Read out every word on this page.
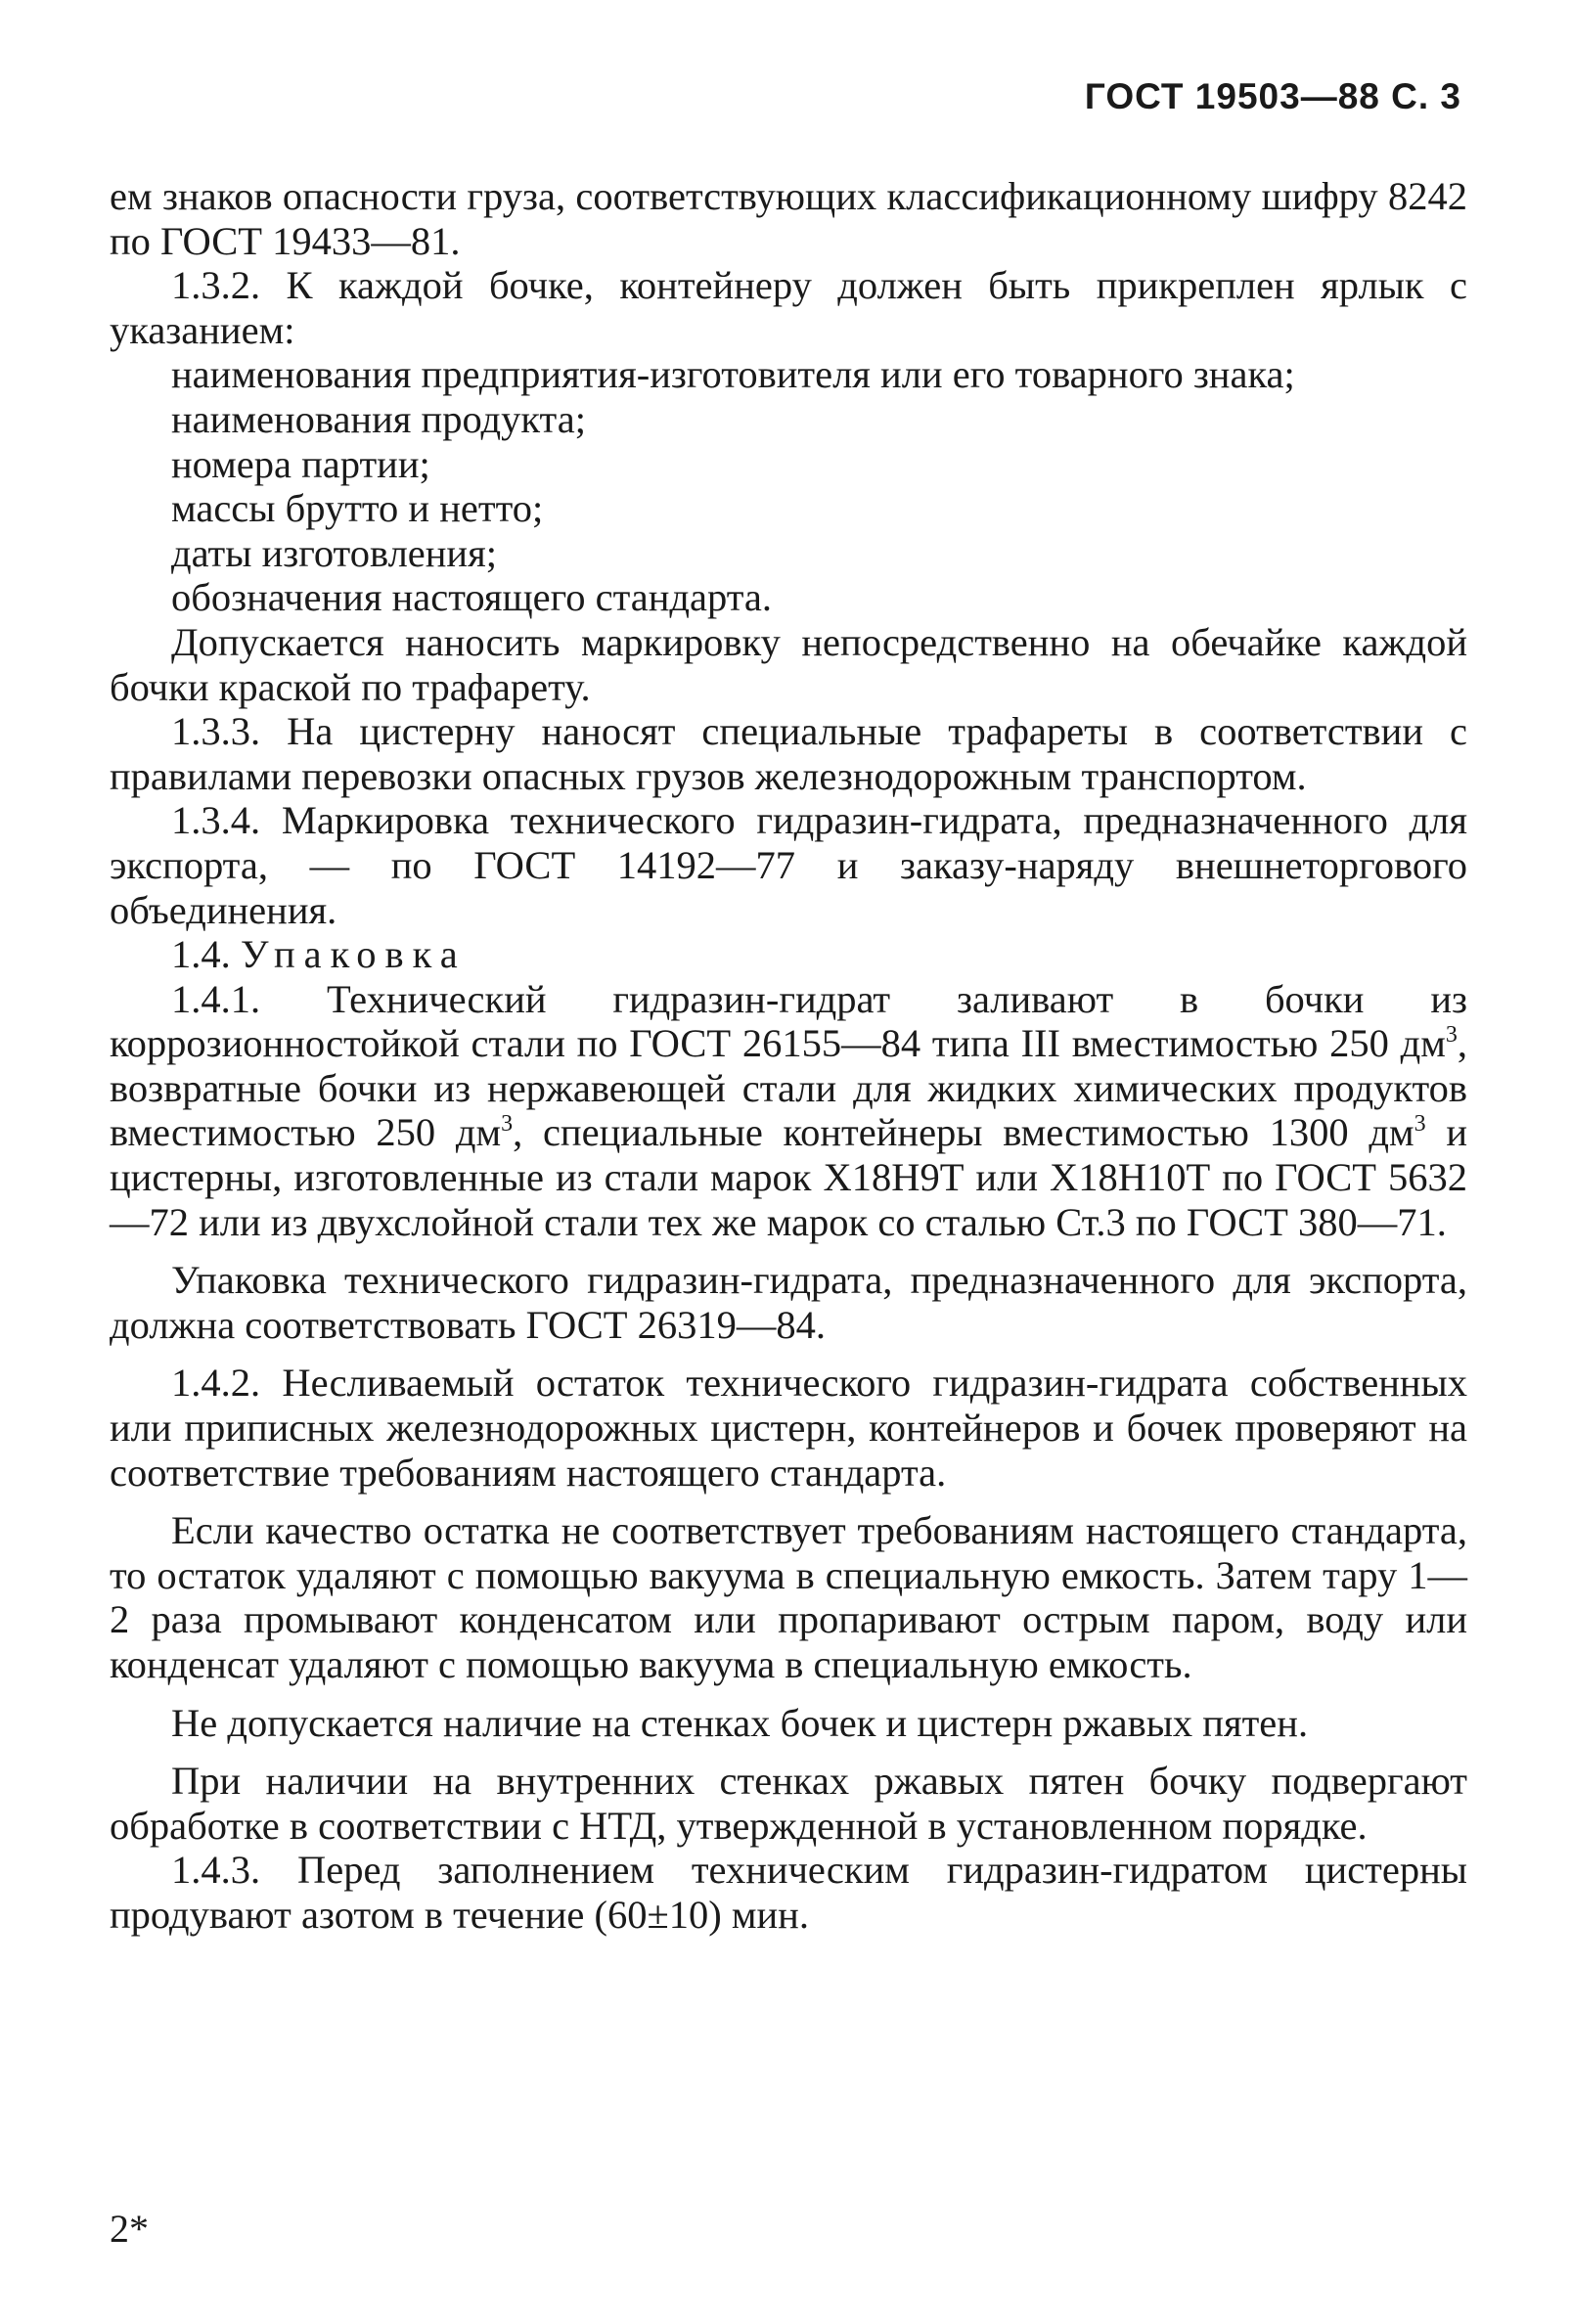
ГОСТ 19503—88 С. 3

ем знаков опасности груза, соответствующих классификационному шифру 8242 по ГОСТ 19433—81.

1.3.2. К каждой бочке, контейнеру должен быть прикреплен ярлык с указанием:

наименования предприятия-изготовителя или его товарного знака;

наименования продукта;

номера партии;

массы брутто и нетто;

даты изготовления;

обозначения настоящего стандарта.

Допускается наносить маркировку непосредственно на обечайке каждой бочки краской по трафарету.

1.3.3. На цистерну наносят специальные трафареты в соответствии с правилами перевозки опасных грузов железнодорожным транспортом.

1.3.4. Маркировка технического гидразин-гидрата, предназначенного для экспорта, — по ГОСТ 14192—77 и заказу-наряду внешнеторгового объединения.

1.4. Упаковка

1.4.1. Технический гидразин-гидрат заливают в бочки из коррозионностойкой стали по ГОСТ 26155—84 типа III вместимостью 250 $дм^3$, возвратные бочки из нержавеющей стали для жидких химических продуктов вместимостью 250 $дм^3$, специальные контейнеры вместимостью 1300 $дм^3$ и цистерны, изготовленные из стали марок Х18Н9Т или Х18Н10Т по ГОСТ 5632—72 или из двухслойной стали тех же марок со сталью Ст.3 по ГОСТ 380—71.

Упаковка технического гидразин-гидрата, предназначенного для экспорта, должна соответствовать ГОСТ 26319—84.

1.4.2. Несливаемый остаток технического гидразин-гидрата собственных или приписных железнодорожных цистерн, контейнеров и бочек проверяют на соответствие требованиям настоящего стандарта.

Если качество остатка не соответствует требованиям настоящего стандарта, то остаток удаляют с помощью вакуума в специальную емкость. Затем тару 1—2 раза промывают конденсатом или пропаривают острым паром, воду или конденсат удаляют с помощью вакуума в специальную емкость.

Не допускается наличие на стенках бочек и цистерн ржавых пятен.

При наличии на внутренних стенках ржавых пятен бочку подвергают обработке в соответствии с НТД, утвержденной в установленном порядке.

1.4.3. Перед заполнением техническим гидразин-гидратом цистерны продувают азотом в течение (60±10) мин.

2*
